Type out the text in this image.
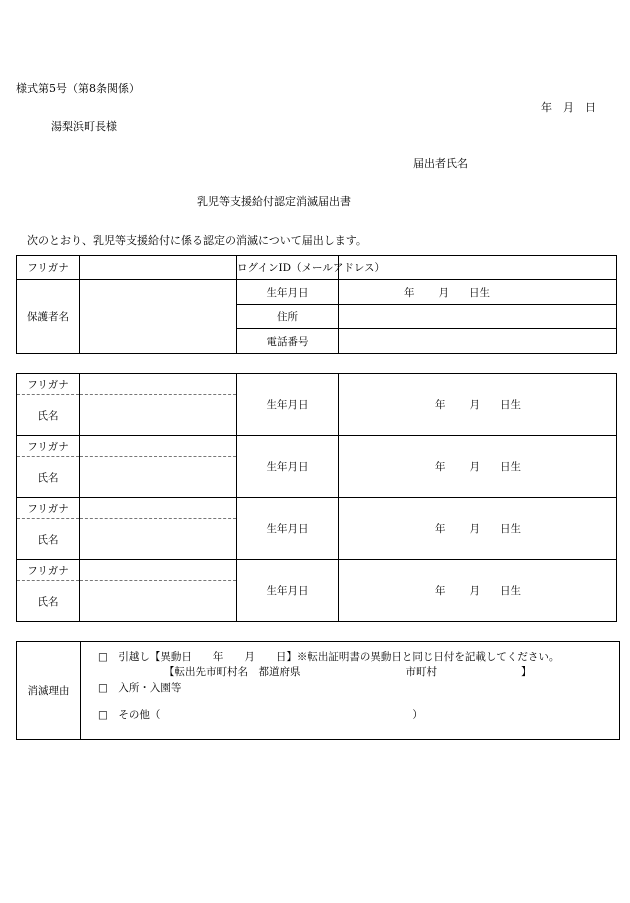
様式第5号（第8条関係）
年　月　日
湯梨浜町長様
届出者氏名
乳児等支援給付認定消滅届出書
次のとおり、乳児等支援給付に係る認定の消滅について届出します。
フリガナ		ログインID（メールアドレス）	
保護者名		生年月日	年 月 日生
		住所	
		電話番号	
フリガナ		生年月日	年 月 日生
氏名			
フリガナ		生年月日	年 月 日生
氏名			
フリガナ		生年月日	年 月 日生
氏名			
フリガナ		生年月日	年 月 日生
氏名			
消滅理由
□　引越し【異動日　　年　　月　　日】※転出証明書の異動日と同じ日付を記載してください。
【転出先市町村名　都道府県　　　　　　　　　　市町村　　　　　　　　】
□　入所・入園等
□　その他（　　　　　　　　　　　　　　　　　　　　　　　　）
